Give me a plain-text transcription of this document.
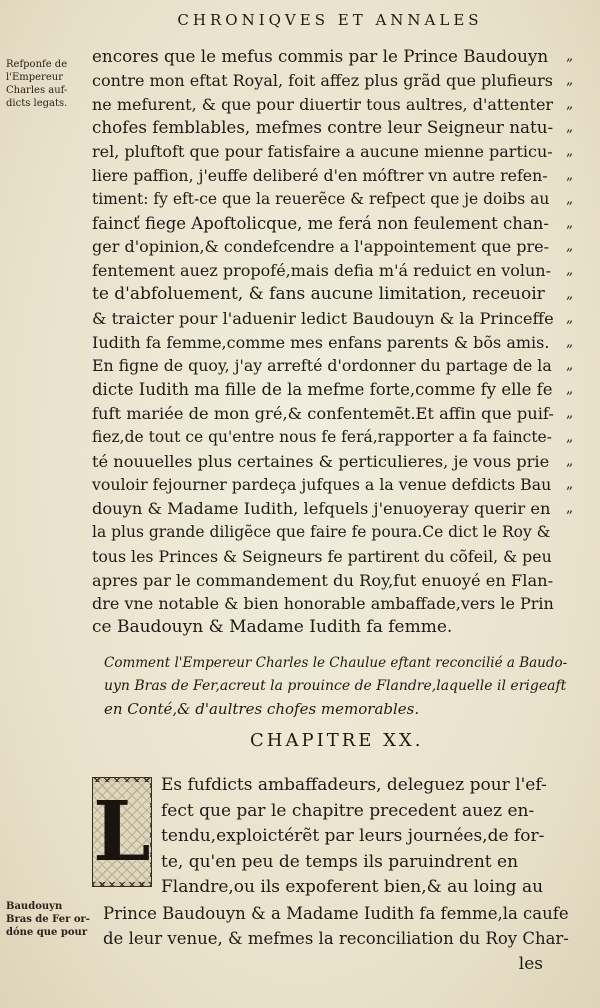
CHRONIQVES ET ANNALES
Refponfe de
l'Empereur
Charles auf-
dicts legats.
Baudouyn
Bras de Fer or-
dóne que pour
encores que le mefus commis par le Prince Baudouyn „
contre mon eftat Royal, foit affez plus grãd que plufieurs „
ne mefurent, & que pour diuertir tous aultres, d'attenter „
chofes femblables, mefmes contre leur Seigneur natu- „
rel, pluftoft que pour fatisfaire a aucune mienne particu- „
liere paffion, j'euffe deliberé d'en móftrer vn autre refen- „
timent: fy eft-ce que la reuerẽce & refpect que je doibs au „
faincť fiege Apoftolicque, me ferá non feulement chan- „
ger d'opinion,& condefcendre a l'appointement que pre- „
fentement auez propofé,mais defia m'á reduict en volun- „
te d'abfoluement, & fans aucune limitation, receuoir „
& traicter pour l'aduenir ledict Baudouyn & la Princeffe „
Iudith fa femme,comme mes enfans parents & bõs amis. „
En figne de quoy, j'ay arrefté d'ordonner du partage de la „
dicte Iudith ma fille de la mefme forte,comme fy elle fe „
fuft mariée de mon gré,& confentemẽt.Et affin que puif- „
fiez,de tout ce qu'entre nous fe ferá,rapporter a fa faincte- „
té nouuelles plus certaines & perticulieres, je vous prie „
vouloir fejourner pardeça jufques a la venue defdicts Bau „
douyn & Madame Iudith, lefquels j'enuoyeray querir en „
la plus grande diligẽce que faire fe poura.Ce dict le Roy &
tous les Princes & Seigneurs fe partirent du cõfeil, & peu
apres par le commandement du Roy,fut enuoyé en Flan-
dre vne notable & bien honorable ambaffade,vers le Prin
ce Baudouyn & Madame Iudith fa femme.
Comment l'Empereur Charles le Chaulue eftant reconcilié a Baudo-
uyn Bras de Fer,acreut la prouince de Flandre,laquelle il erigeaft
en Conté,& d'aultres chofes memorables.
CHAPITRE XX.
L Es fufdicts ambaffadeurs, deleguez pour l'ef-
fect que par le chapitre precedent auez en-
tendu,exploictérẽt par leurs journées,de for-
te, qu'en peu de temps ils paruindrent en
Flandre,ou ils expoferent bien,& au loing au
Prince Baudouyn & a Madame Iudith fa femme,la caufe
de leur venue, & mefmes la reconciliation du Roy Char-
les
